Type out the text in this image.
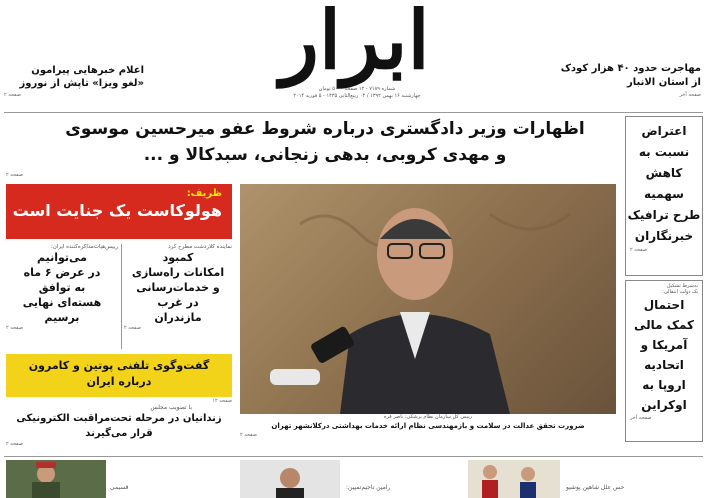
ابرار
شماره ۷۱۸۹ - ۱۲ صفحه ۵۰۰۰ تومان
چهارشنبه ۱۶ بهمن ۱۳۹۲ / ۰۴ ربیع‌الثانی ۱۴۳۵ - ۵ فوریه ۲۰۱۴
اعلام خبرهایی پیرامون
«لغو ویزا» تاپش از نوروز
صفحه ۲
مهاجرت حدود ۴۰ هزار کودک
از استان الانبار
صفحه آخر
اظهارات وزیر دادگستری درباره شروط عفو میرحسین موسوی
و مهدی کروبی، بدهی زنجانی، سبدکالا و ...
صفحه ۲
ظریف:
هولوکاست یک جنایت است
رییس‌هیات‌مذاکره‌کننده ایران:
می‌توانیم
در عرض ۶ ماه
به توافق
هسته‌ای نهایی
برسیم
صفحه ۲
نماینده کلاردشت مطرح کرد
کمبود
امکانات راه‌سازی
و خدمات‌رسانی
در غرب
مازندران
صفحه ۲
گفت‌وگوی تلفنی پوتین و کامرون
درباره ایران
صفحه ۱۲
با تصویب مجلس
زندانیان در مرحله تحت‌مراقبت الکترونیکی
قرار می‌گیرند
صفحه ۲
رییس کل سازمان نظام پزشکی: ناصر قره
ضرورت تحقق عدالت در سلامت و بازمهندسی نظام ارائه خدمات بهداشتی درکلانشهر تهران
صفحه ۲
اعتراض
نسبت به
کاهش
سهمیه
طرح ترافیک
خبرنگاران
صفحه ۲
به‌شرط تشکیل
یک دولت انتقالی:
احتمال
کمک مالی
آمریکا و
اتحادیه
اروپا به
اوکراین
صفحه آخر
قسیمی	رامین تاجیم‌تمپین:	حس علل شاهین پوشیو
